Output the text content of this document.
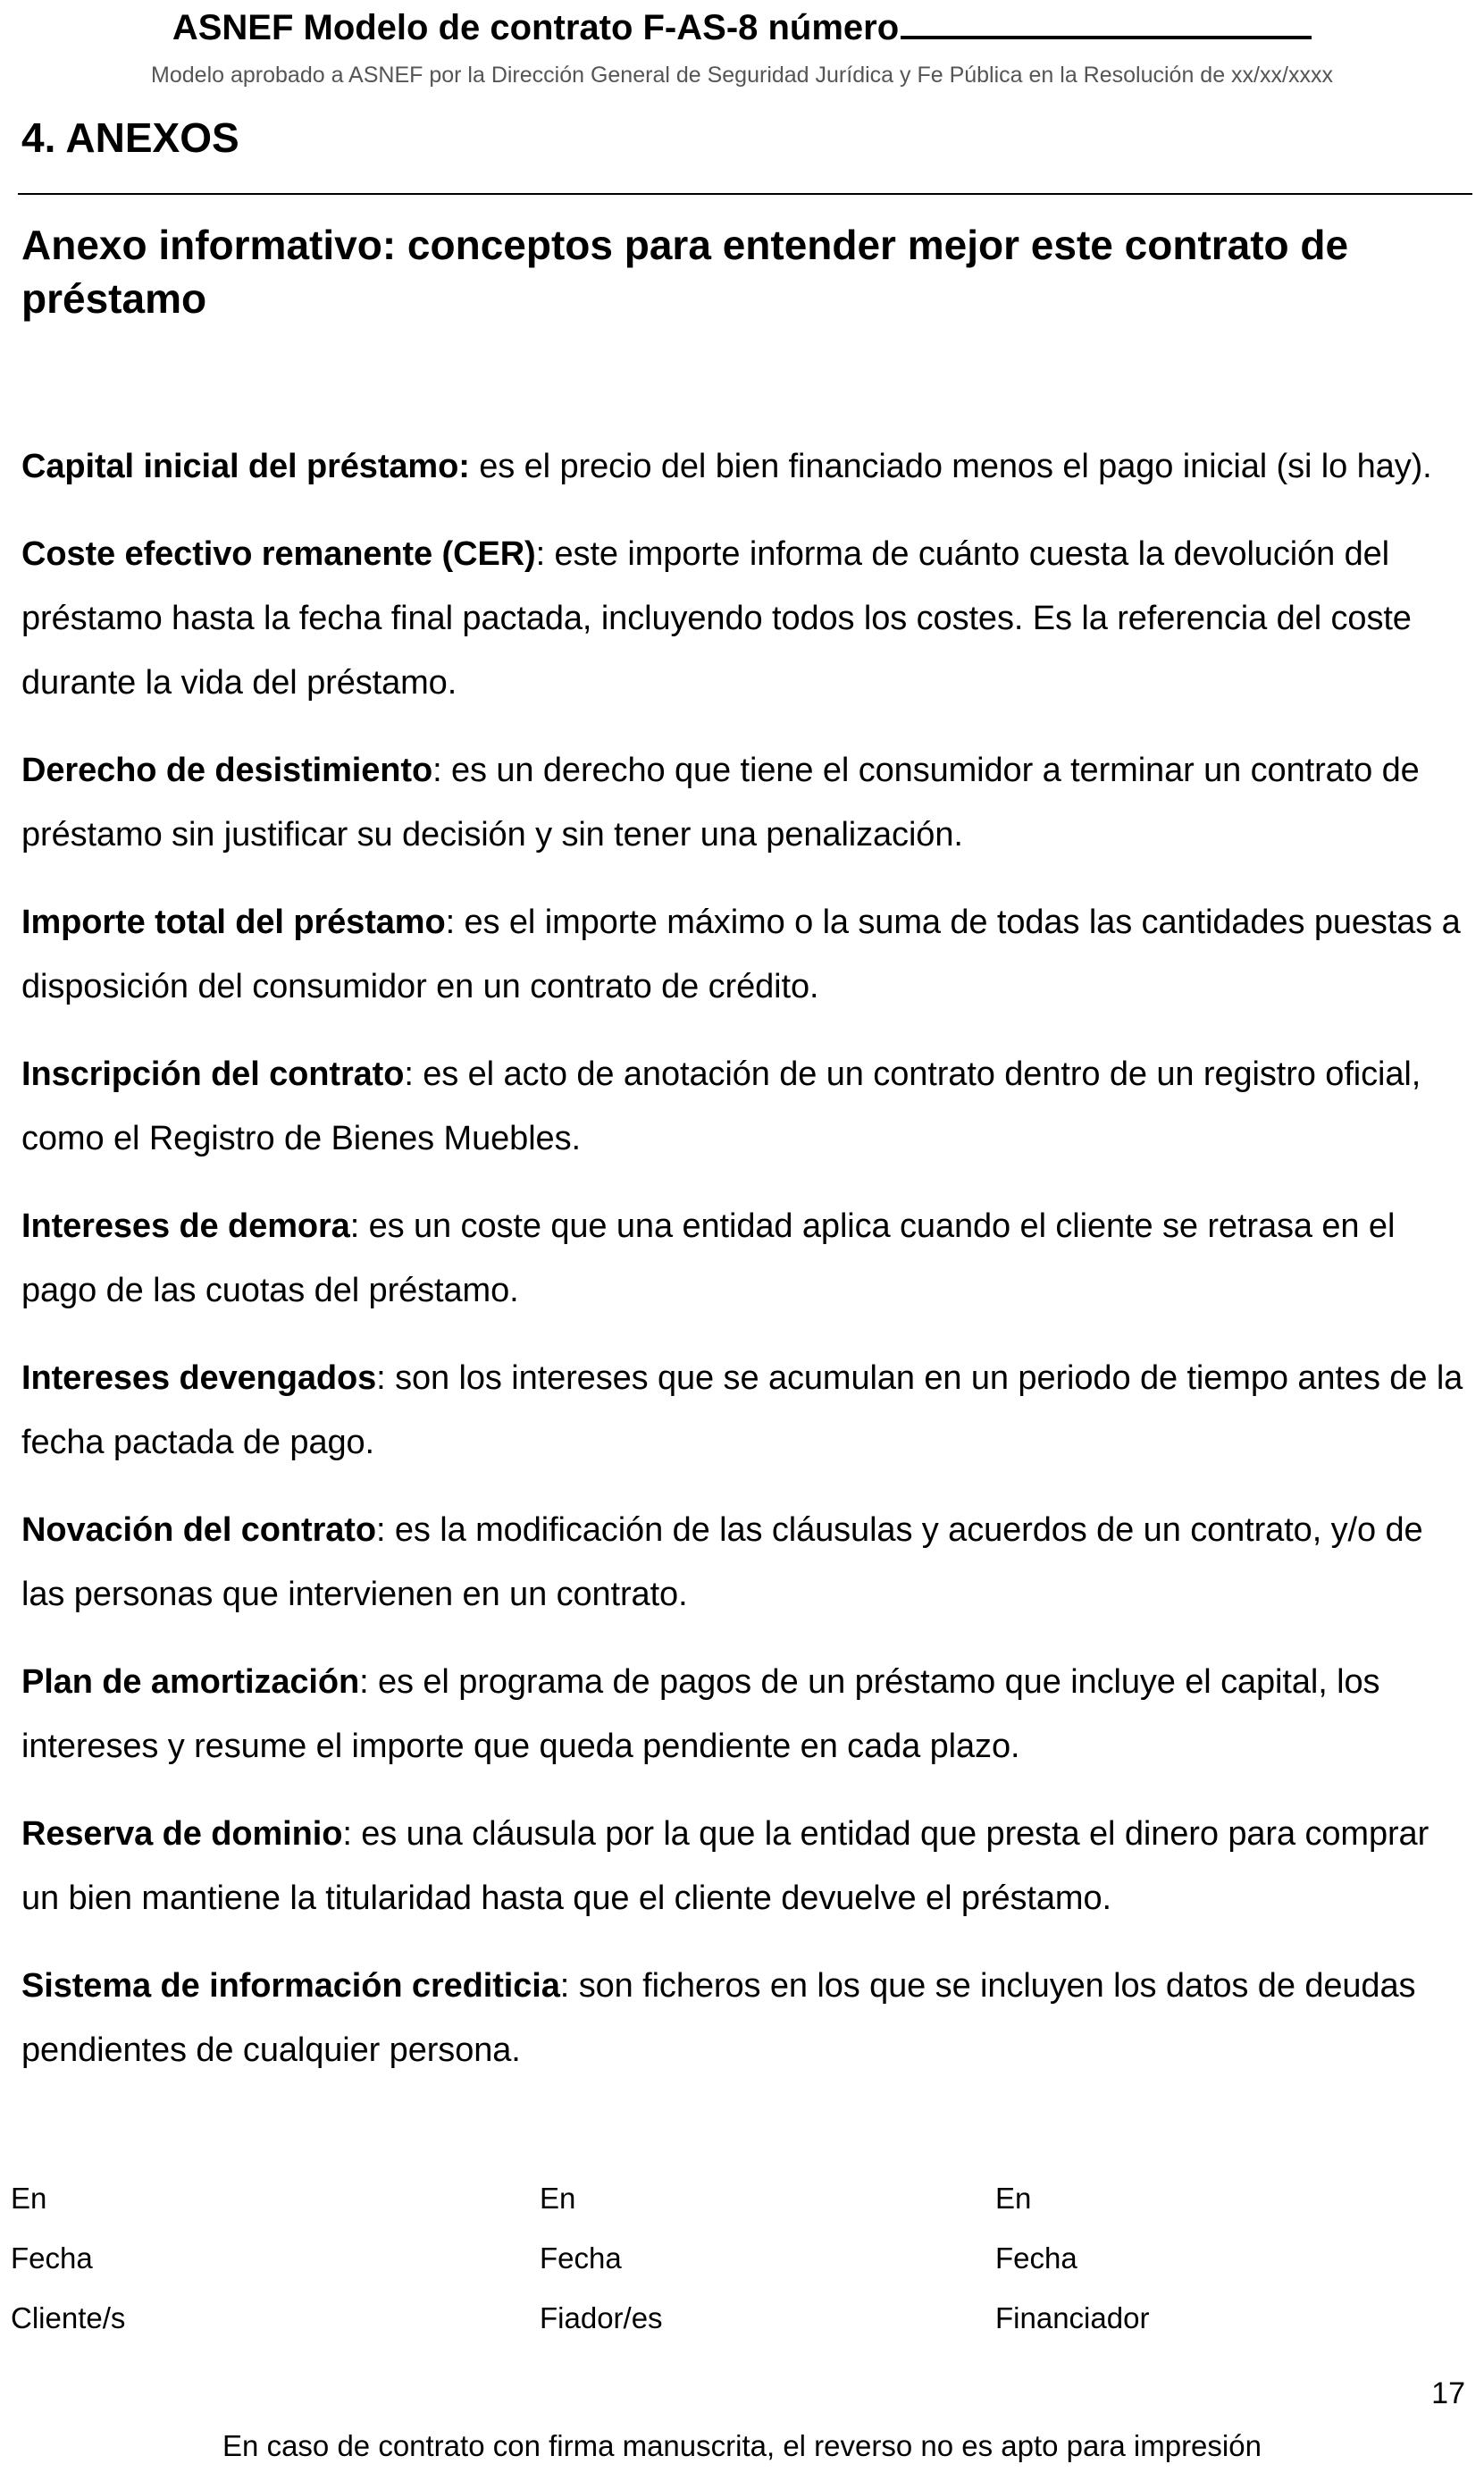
ASNEF Modelo de contrato F-AS-8 número
Modelo aprobado a ASNEF por la Dirección General de Seguridad Jurídica y Fe Pública en la Resolución de xx/xx/xxxx
4. ANEXOS
Anexo informativo: conceptos para entender mejor este contrato de préstamo

Capital inicial del préstamo: es el precio del bien financiado menos el pago inicial (si lo hay).

Coste efectivo remanente (CER): este importe informa de cuánto cuesta la devolución del préstamo hasta la fecha final pactada, incluyendo todos los costes. Es la referencia del coste durante la vida del préstamo.

Derecho de desistimiento: es un derecho que tiene el consumidor a terminar un contrato de préstamo sin justificar su decisión y sin tener una penalización.

Importe total del préstamo: es el importe máximo o la suma de todas las cantidades puestas a disposición del consumidor en un contrato de crédito.

Inscripción del contrato: es el acto de anotación de un contrato dentro de un registro oficial, como el Registro de Bienes Muebles.

Intereses de demora: es un coste que una entidad aplica cuando el cliente se retrasa en el pago de las cuotas del préstamo.

Intereses devengados: son los intereses que se acumulan en un periodo de tiempo antes de la fecha pactada de pago.

Novación del contrato: es la modificación de las cláusulas y acuerdos de un contrato, y/o de las personas que intervienen en un contrato.

Plan de amortización: es el programa de pagos de un préstamo que incluye el capital, los intereses y resume el importe que queda pendiente en cada plazo.

Reserva de dominio: es una cláusula por la que la entidad que presta el dinero para comprar un bien mantiene la titularidad hasta que el cliente devuelve el préstamo.

Sistema de información crediticia: son ficheros en los que se incluyen los datos de deudas pendientes de cualquier persona.

En
Fecha
Cliente/s
En
Fecha
Fiador/es
En
Fecha
Financiador
17
En caso de contrato con firma manuscrita, el reverso no es apto para impresión
